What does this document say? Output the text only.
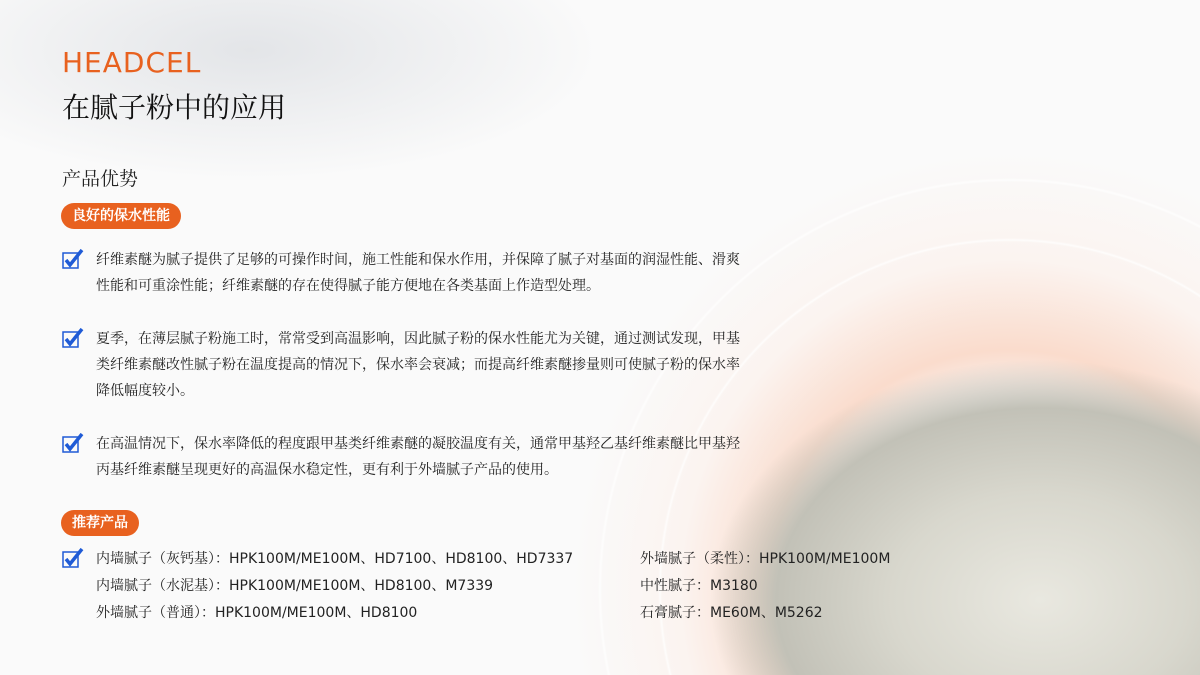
HEADCEL
在腻子粉中的应用
产品优势
良好的保水性能
纤维素醚为腻子提供了足够的可操作时间，施工性能和保水作用，并保障了腻子对基面的润湿性能、滑爽性能和可重涂性能；纤维素醚的存在使得腻子能方便地在各类基面上作造型处理。
夏季，在薄层腻子粉施工时，常常受到高温影响，因此腻子粉的保水性能尤为关键，通过测试发现，甲基类纤维素醚改性腻子粉在温度提高的情况下，保水率会衰减；而提高纤维素醚掺量则可使腻子粉的保水率降低幅度较小。
在高温情况下，保水率降低的程度跟甲基类纤维素醚的凝胶温度有关，通常甲基羟乙基纤维素醚比甲基羟丙基纤维素醚呈现更好的高温保水稳定性，更有利于外墙腻子产品的使用。
推荐产品
内墙腻子（灰钙基）：HPK100M/ME100M、HD7100、HD8100、HD7337
内墙腻子（水泥基）：HPK100M/ME100M、HD8100、M7339
外墙腻子（普通）：HPK100M/ME100M、HD8100
外墙腻子（柔性）：HPK100M/ME100M
中性腻子：M3180
石膏腻子：ME60M、M5262
